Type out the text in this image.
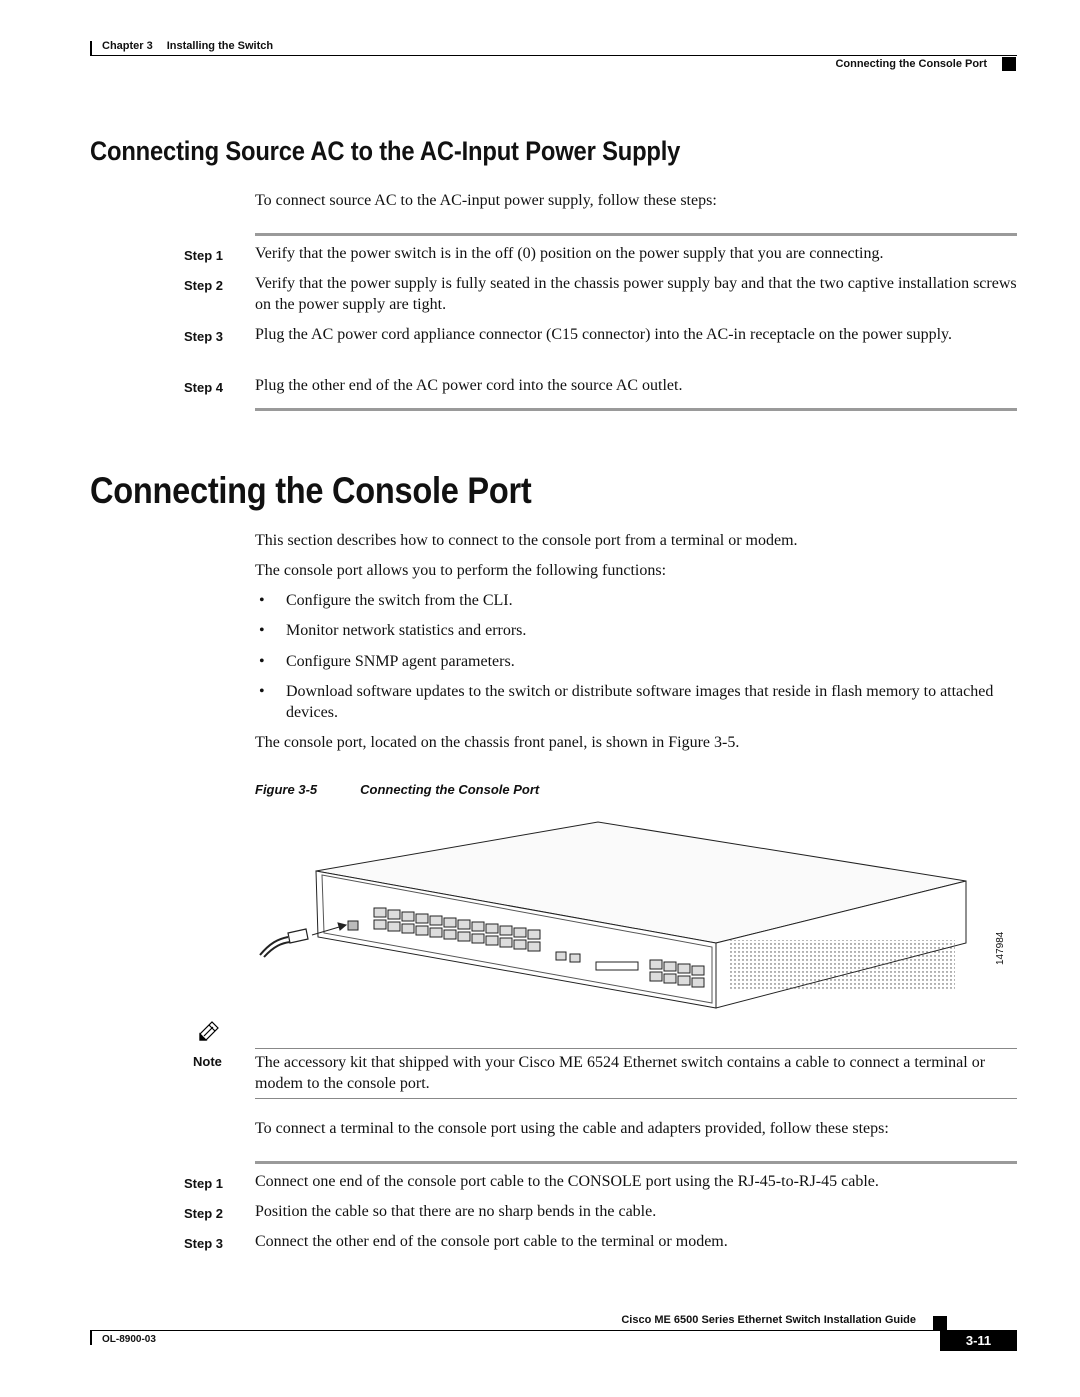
Chapter 3 Installing the Switch
Connecting the Console Port
Connecting Source AC to the AC-Input Power Supply
To connect source AC to the AC-input power supply, follow these steps:
Step 1 Verify that the power switch is in the off (0) position on the power supply that you are connecting.
Step 2 Verify that the power supply is fully seated in the chassis power supply bay and that the two captive installation screws on the power supply are tight.
Step 3 Plug the AC power cord appliance connector (C15 connector) into the AC-in receptacle on the power supply.
Step 4 Plug the other end of the AC power cord into the source AC outlet.
Connecting the Console Port
This section describes how to connect to the console port from a terminal or modem.
The console port allows you to perform the following functions:
• Configure the switch from the CLI.
• Monitor network statistics and errors.
• Configure SNMP agent parameters.
• Download software updates to the switch or distribute software images that reside in flash memory to attached devices.
The console port, located on the chassis front panel, is shown in Figure 3-5.
Figure 3-5	Connecting the Console Port
147984
Note The accessory kit that shipped with your Cisco ME 6524 Ethernet switch contains a cable to connect a terminal or modem to the console port.
To connect a terminal to the console port using the cable and adapters provided, follow these steps:
Step 1 Connect one end of the console port cable to the CONSOLE port using the RJ-45-to-RJ-45 cable.
Step 2 Position the cable so that there are no sharp bends in the cable.
Step 3 Connect the other end of the console port cable to the terminal or modem.
Cisco ME 6500 Series Ethernet Switch Installation Guide
OL-8900-03	3-11
